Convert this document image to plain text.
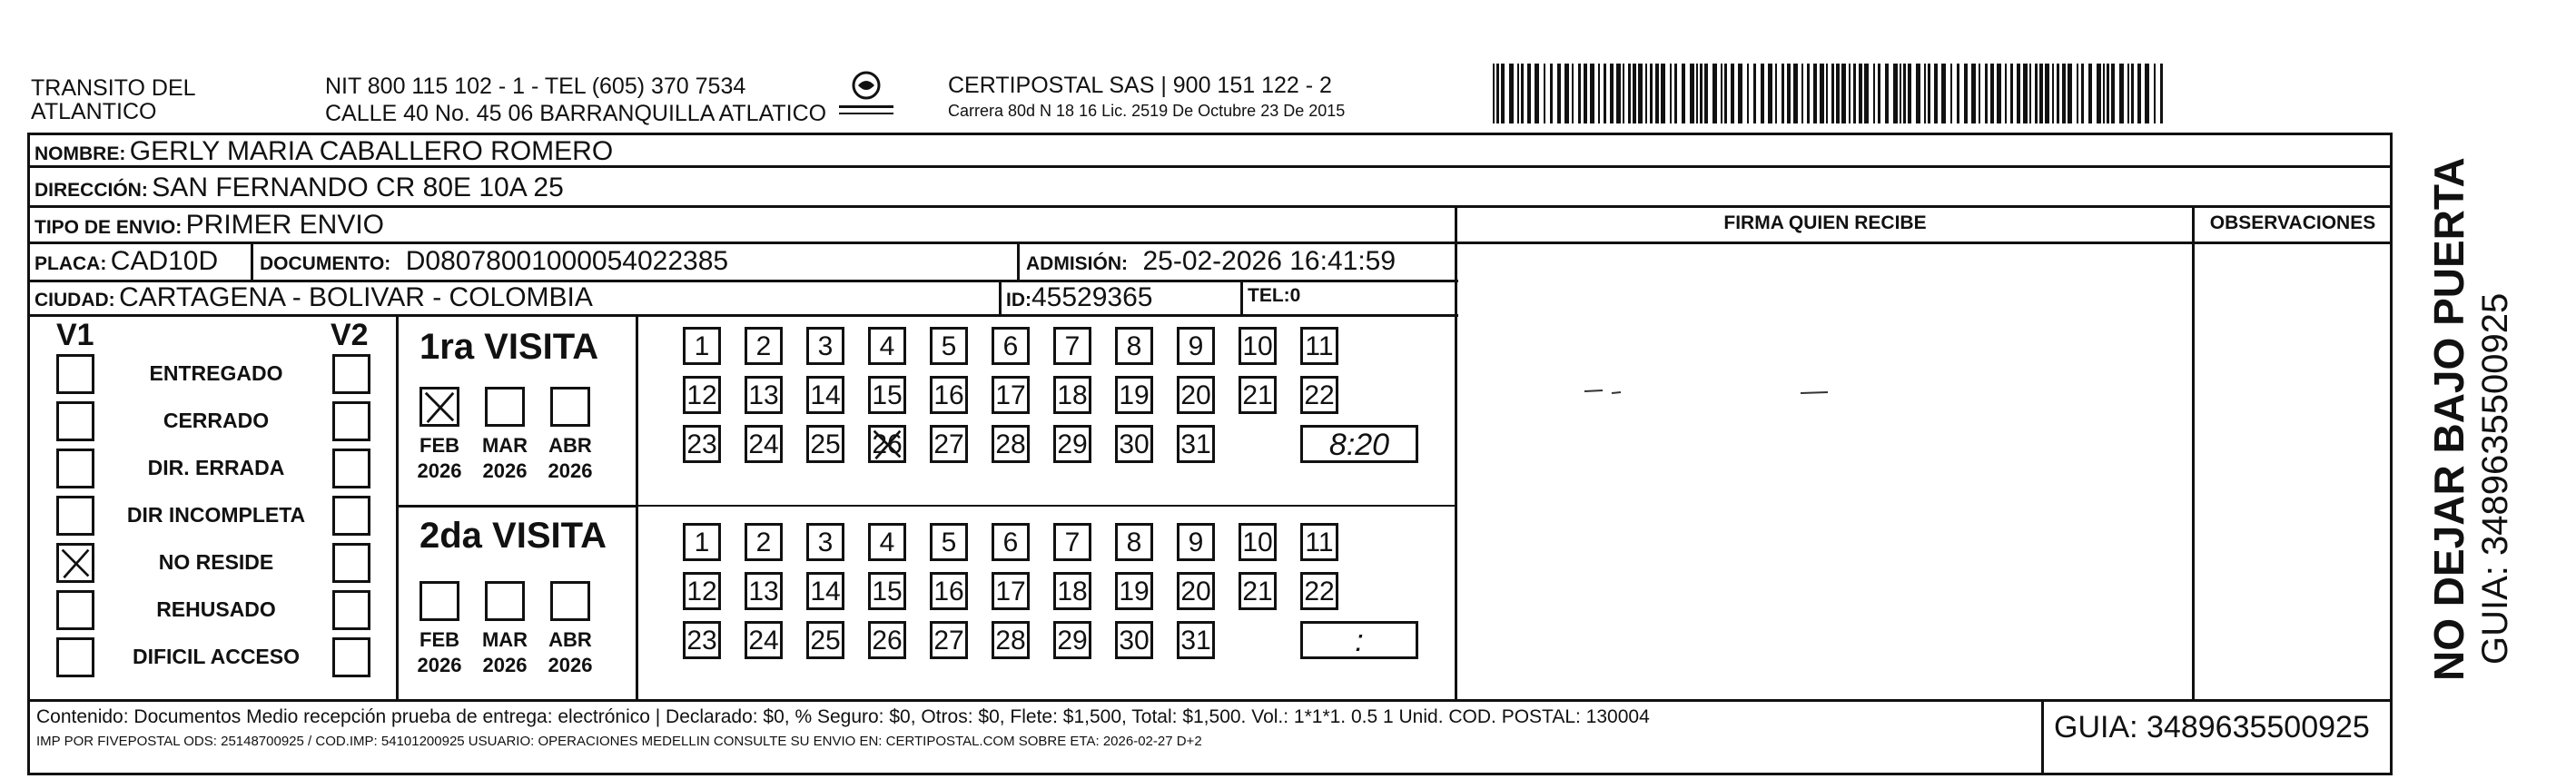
TRANSITO DEL
ATLANTICO
NIT 800 115 102 - 1 - TEL (605) 370 7534
CALLE 40 No. 45 06 BARRANQUILLA ATLATICO
CERTIPOSTAL SAS | 900 151 122 - 2
Carrera 80d N 18 16 Lic. 2519 De Octubre 23 De 2015
NOMBRE: GERLY MARIA CABALLERO ROMERO
DIRECCIÓN: SAN FERNANDO CR 80E 10A 25
TIPO DE ENVIO: PRIMER ENVIO
PLACA: CAD10D DOCUMENTO: D08078001000054022385	ADMISIÓN: 25-02-2026 16:41:59
CIUDAD: CARTAGENA - BOLIVAR - COLOMBIA	ID:45529365	TEL:0
FIRMA QUIEN RECIBE	OBSERVACIONES
V1	V2
ENTREGADO
CERRADO
DIR. ERRADA
DIR INCOMPLETA
NO RESIDE
REHUSADO
DIFICIL ACCESO
1ra VISITA
FEB
2026
MAR
2026
ABR
2026
1	2	3	4	5	6	7	8	9	10 11
12 13 14 15 16 17 18 19 20 21 22
23 24 25 26 27 28 29 30 31	8:20
2da VISITA
FEB
2026
MAR
2026
ABR
2026
1	2	3	4	5	6	7	8	9	10 11
12 13 14 15 16 17 18 19 20 21 22
23 24 25 26 27 28 29 30 31	:
Contenido: Documentos Medio recepción prueba de entrega: electrónico | Declarado: $0, % Seguro: $0, Otros: $0, Flete: $1,500, Total: $1,500. Vol.: 1*1*1. 0.5 1 Unid. COD. POSTAL: 130004
IMP POR FIVEPOSTAL ODS: 25148700925 / COD.IMP: 54101200925 USUARIO: OPERACIONES MEDELLIN CONSULTE SU ENVIO EN: CERTIPOSTAL.COM SOBRE ETA: 2026-02-27 D+2	GUIA: 3489635500925
NO DEJAR BAJO PUERTA GUIA: 3489635500925
